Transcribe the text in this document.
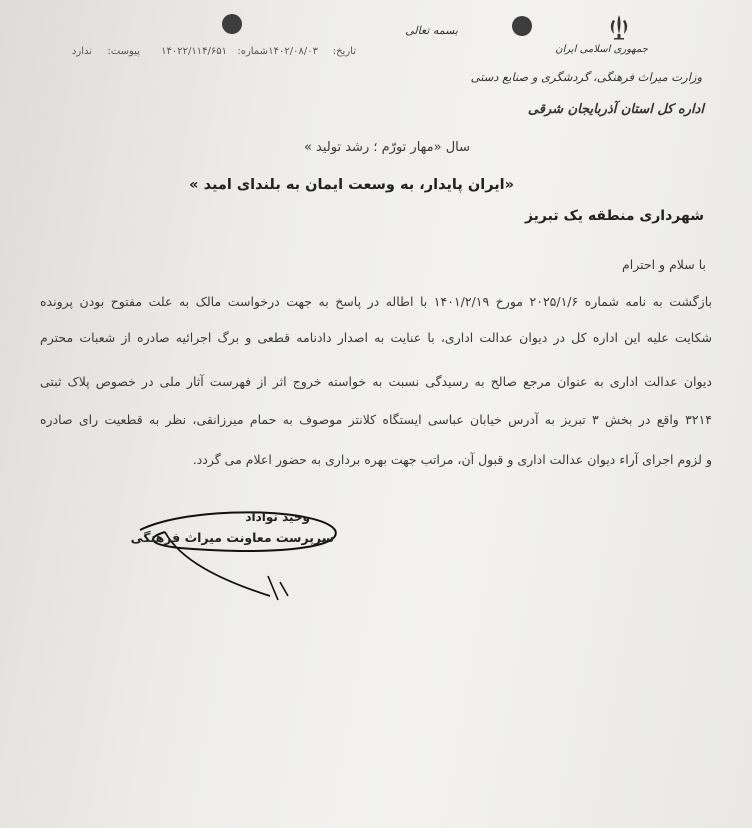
جمهوری اسلامی ایران
وزارت میراث فرهنگی، گردشگری و صنایع دستی
اداره کل استان آذربایجان شرقی
بسمه تعالی
تاریخ:
۱۴۰۲/۰۸/۰۳
شماره:
۱۴۰۲۲/۱۱۴/۶۵۱
پیوست:
ندارد
سال «مهار تورّم ؛ رشد تولید »
«ایران پایدار، به وسعت ایمان به بلندای امید »
شهرداری منطقه یک تبریز
با سلام و احترام
بازگشت به نامه شماره ۲۰۲۵/۱/۶ مورخ ۱۴۰۱/۲/۱۹ با اطاله در پاسخ به جهت درخواست مالک به علت مفتوح بودن پرونده
شکایت علیه این اداره کل در دیوان عدالت اداری، با عنایت به اصدار دادنامه قطعی و برگ اجرائیه صادره از شعبات محترم
دیوان عدالت اداری به عنوان مرجع صالح به رسیدگی نسبت به خواسته خروج اثر از فهرست آثار ملی در خصوص پلاک ثبتی
۳۲۱۴ واقع در بخش ۳ تبریز به آدرس خیابان عباسی ایستگاه کلانتر موصوف به حمام میرزانقی، نظر به قطعیت رای صادره
و لزوم اجرای آراء دیوان عدالت اداری و قبول آن، مراتب جهت بهره برداری به حضور اعلام می گردد.
وحید نواداد
سرپرست معاونت میراث فرهنگی
